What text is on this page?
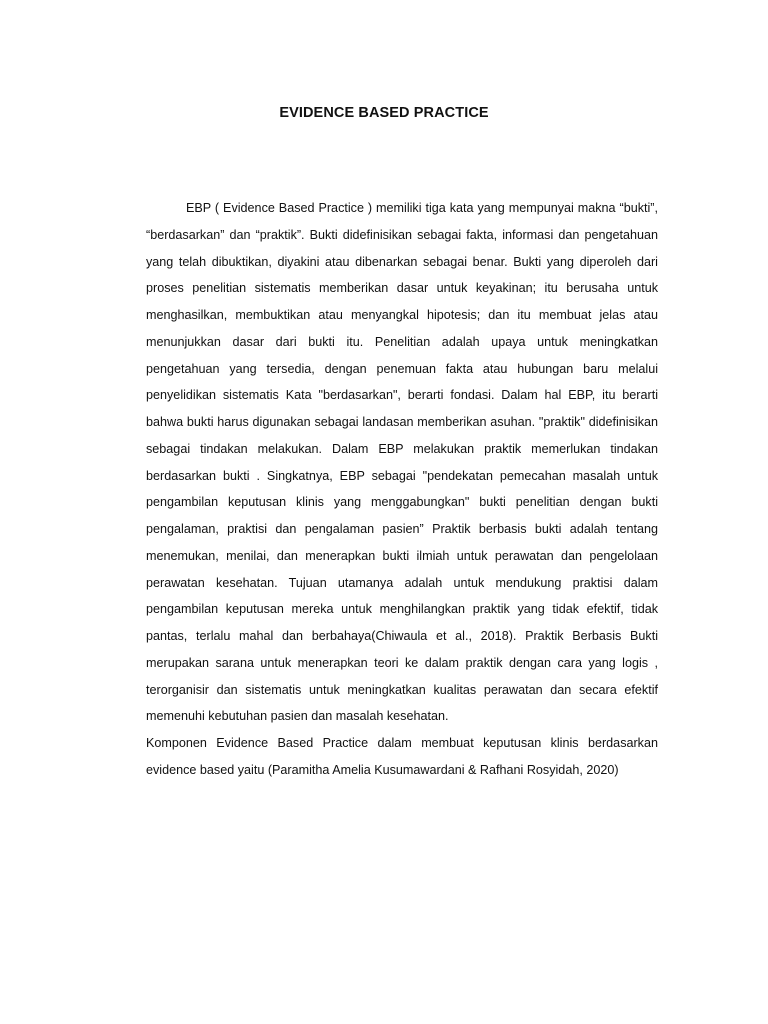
EVIDENCE BASED PRACTICE

EBP ( Evidence Based Practice ) memiliki tiga kata yang mempunyai makna “bukti”, “berdasarkan” dan “praktik”. Bukti didefinisikan sebagai fakta, informasi dan pengetahuan yang telah dibuktikan, diyakini atau dibenarkan sebagai benar. Bukti yang diperoleh dari proses penelitian sistematis memberikan dasar untuk keyakinan; itu berusaha untuk menghasilkan, membuktikan atau menyangkal hipotesis; dan itu membuat jelas atau menunjukkan dasar dari bukti itu. Penelitian adalah upaya untuk meningkatkan pengetahuan yang tersedia, dengan penemuan fakta atau hubungan baru melalui penyelidikan sistematis Kata "berdasarkan", berarti fondasi. Dalam hal EBP, itu berarti bahwa bukti harus digunakan sebagai landasan memberikan asuhan. "praktik" didefinisikan sebagai tindakan melakukan. Dalam EBP melakukan praktik memerlukan tindakan berdasarkan bukti . Singkatnya, EBP sebagai "pendekatan pemecahan masalah untuk pengambilan keputusan klinis yang menggabungkan" bukti penelitian dengan bukti pengalaman, praktisi dan pengalaman pasien” Praktik berbasis bukti adalah tentang menemukan, menilai, dan menerapkan bukti ilmiah untuk perawatan dan pengelolaan perawatan kesehatan. Tujuan utamanya adalah untuk mendukung praktisi dalam pengambilan keputusan mereka untuk menghilangkan praktik yang tidak efektif, tidak pantas, terlalu mahal dan berbahaya(Chiwaula et al., 2018). Praktik Berbasis Bukti merupakan sarana untuk menerapkan teori ke dalam praktik dengan cara yang logis , terorganisir dan sistematis untuk meningkatkan kualitas perawatan dan secara efektif memenuhi kebutuhan pasien dan masalah kesehatan.

Komponen Evidence Based Practice dalam membuat keputusan klinis berdasarkan evidence based yaitu (Paramitha Amelia Kusumawardani & Rafhani Rosyidah, 2020)
